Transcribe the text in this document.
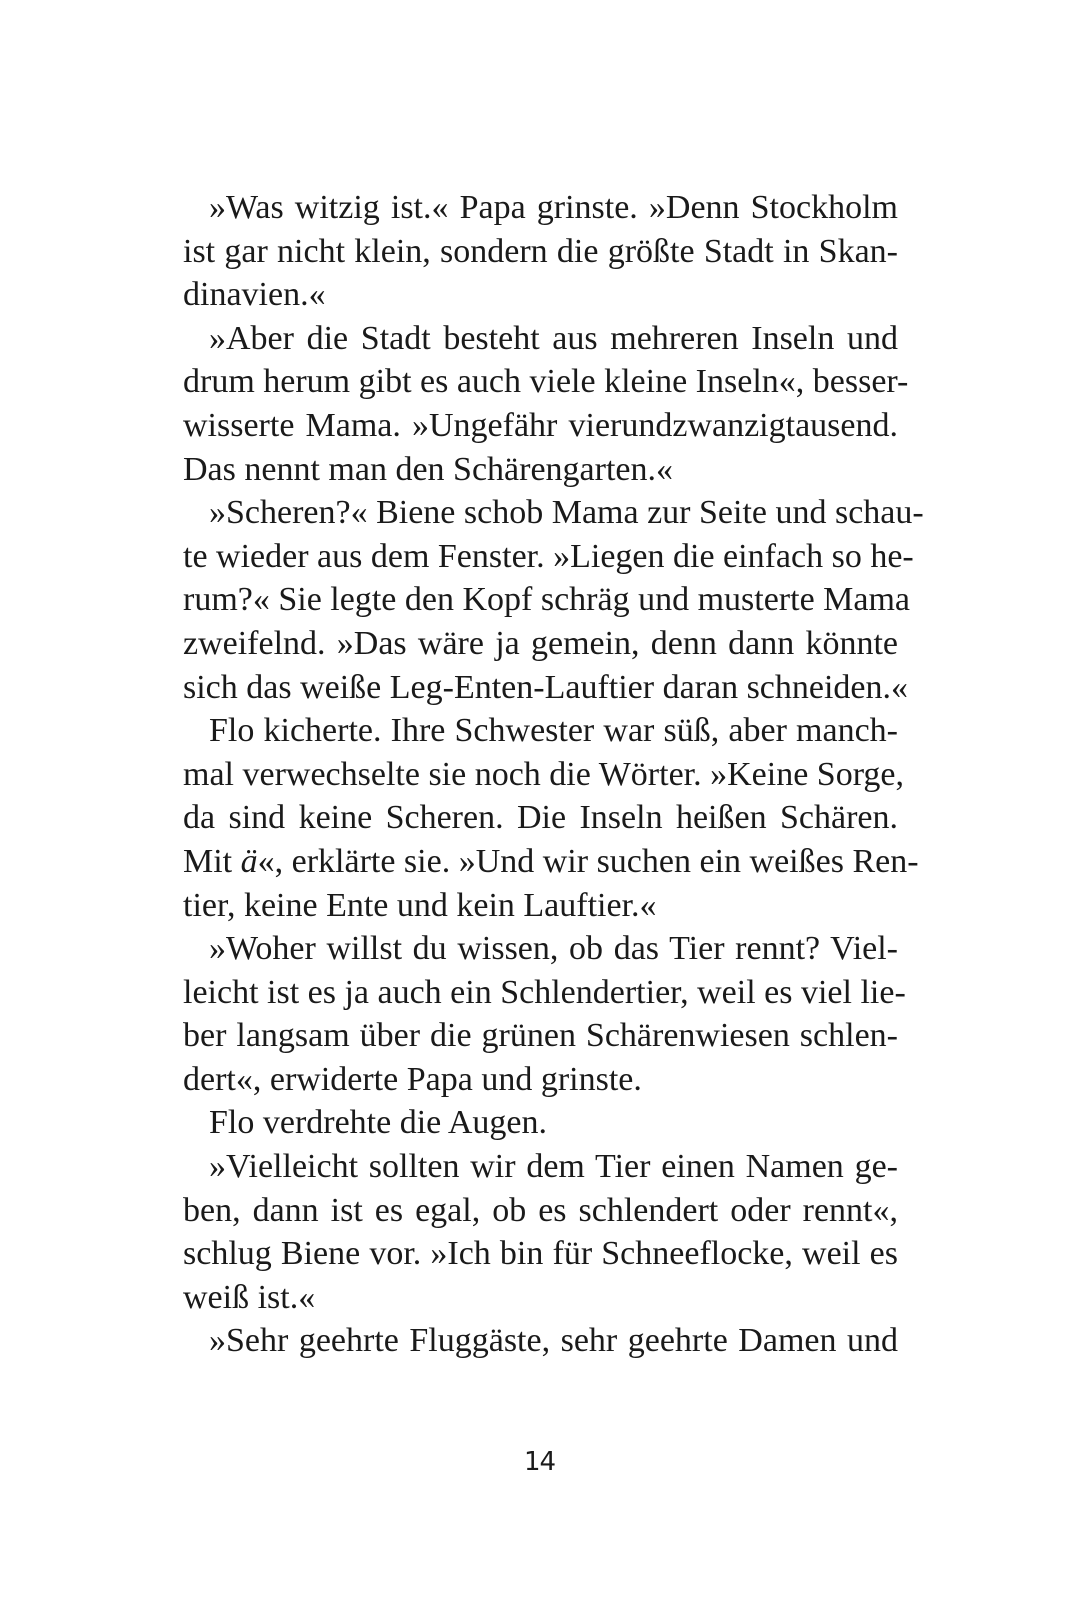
»Was witzig ist.« Papa grinste. »Denn Stockholm
ist gar nicht klein, sondern die größte Stadt in Skan-
dinavien.«
»Aber die Stadt besteht aus mehreren Inseln und
drum herum gibt es auch viele kleine Inseln«, besser-
wisserte Mama. »Ungefähr vierundzwanzigtausend.
Das nennt man den Schärengarten.«
»Scheren?« Biene schob Mama zur Seite und schau-
te wieder aus dem Fenster. »Liegen die einfach so he-
rum?« Sie legte den Kopf schräg und musterte Mama
zweifelnd. »Das wäre ja gemein, denn dann könnte
sich das weiße Leg-Enten-Lauftier daran schneiden.«
Flo kicherte. Ihre Schwester war süß, aber manch-
mal verwechselte sie noch die Wörter. »Keine Sorge,
da sind keine Scheren. Die Inseln heißen Schären.
Mit ä«, erklärte sie. »Und wir suchen ein weißes Ren-
tier, keine Ente und kein Lauftier.«
»Woher willst du wissen, ob das Tier rennt? Viel-
leicht ist es ja auch ein Schlendertier, weil es viel lie-
ber langsam über die grünen Schärenwiesen schlen-
dert«, erwiderte Papa und grinste.
Flo verdrehte die Augen.
»Vielleicht sollten wir dem Tier einen Namen ge-
ben, dann ist es egal, ob es schlendert oder rennt«,
schlug Biene vor. »Ich bin für Schneeflocke, weil es
weiß ist.«
»Sehr geehrte Fluggäste, sehr geehrte Damen und
14
